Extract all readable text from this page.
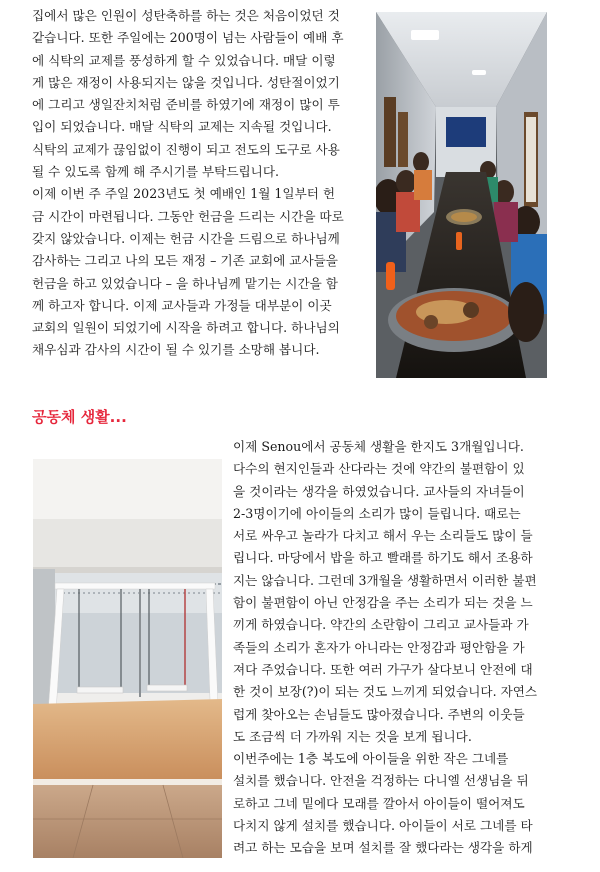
집에서 많은 인원이 성탄축하를 하는 것은 처음이었던 것
같습니다. 또한 주일에는 200명이 넘는 사람들이 예배 후
에 식탁의 교제를 풍성하게 할 수 있었습니다. 매달 이렇
게 많은 재정이 사용되지는 않을 것입니다. 성탄절이었기
에 그리고 생일잔치처럼 준비를 하였기에 재정이 많이 투
입이 되었습니다. 매달 식탁의 교제는 지속될 것입니다.
식탁의 교제가 끊임없이 진행이 되고 전도의 도구로 사용
될 수 있도록 함께 해 주시기를 부탁드립니다.
이제 이번 주 주일 2023년도 첫 예배인 1월 1일부터 헌
금 시간이 마련됩니다. 그동안 헌금을 드리는 시간을 따로
갖지 않았습니다. 이제는 헌금 시간을 드림으로 하나님께
감사하는 그리고 나의 모든 재정 – 기존 교회에 교사들을
헌금을 하고 있었습니다 – 을 하나님께 맡기는 시간을 함
께 하고자 합니다. 이제 교사들과 가정들 대부분이 이곳
교회의 일원이 되었기에 시작을 하려고 합니다. 하나님의
채우심과 감사의 시간이 될 수 있기를 소망해 봅니다.
공동체 생활...
이제 Senou에서 공동체 생활을 한지도 3개월입니다.
다수의 현지인들과 산다라는 것에 약간의 불편함이 있
을 것이라는 생각을 하였었습니다. 교사들의 자녀들이
2-3명이기에 아이들의 소리가 많이 들립니다. 때로는
서로 싸우고 놀라가 다치고 해서 우는 소리들도 많이 들
립니다. 마당에서 밥을 하고 빨래를 하기도 해서 조용하
지는 않습니다. 그런데 3개월을 생활하면서 이러한 불편
함이 불편함이 아닌 안정감을 주는 소리가 되는 것을 느
끼게 하였습니다. 약간의 소란함이 그리고 교사들과 가
족들의 소리가 혼자가 아니라는 안정감과 평안함을 가
져다 주었습니다. 또한 여러 가구가 살다보니 안전에 대
한 것이 보장(?)이 되는 것도 느끼게 되었습니다. 자연스
럽게 찾아오는 손님들도 많아졌습니다. 주변의 이웃들
도 조금씩 더 가까워 지는 것을 보게 됩니다.
이번주에는 1층 복도에 아이들을 위한 작은 그네를
설치를 했습니다. 안전을 걱정하는 다니엘 선생님을 뒤
로하고 그네 밑에다 모래를 깔아서 아이들이 떨어져도
다치지 않게 설치를 했습니다. 아이들이 서로 그네를 타
려고 하는 모습을 보며 설치를 잘 했다라는 생각을 하게
